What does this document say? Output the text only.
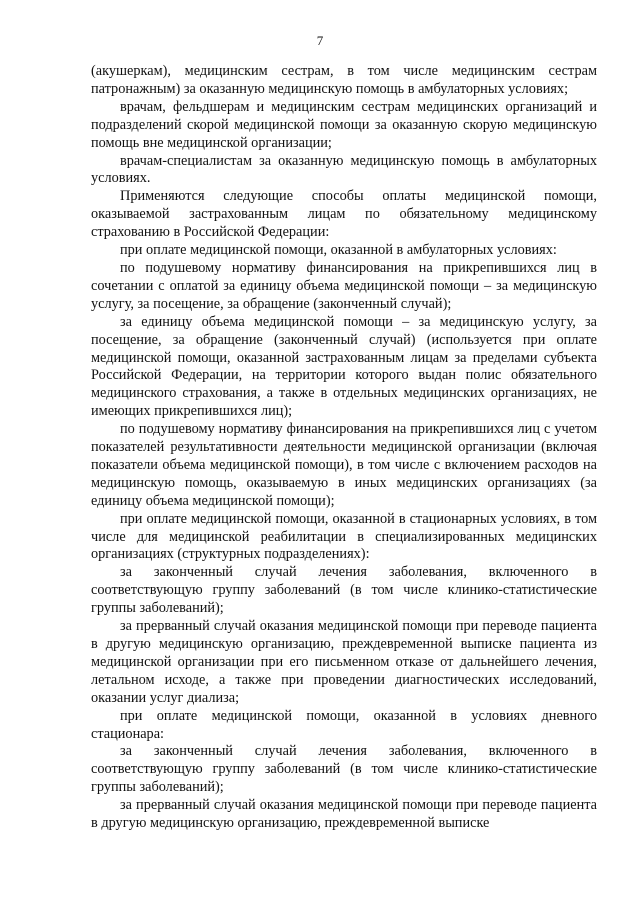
7

(акушеркам), медицинским сестрам, в том числе медицинским сестрам патронажным) за оказанную медицинскую помощь в амбулаторных условиях;

врачам, фельдшерам и медицинским сестрам медицинских организаций и подразделений скорой медицинской помощи за оказанную скорую медицинскую помощь вне медицинской организации;

врачам-специалистам за оказанную медицинскую помощь в амбулаторных условиях.

Применяются следующие способы оплаты медицинской помощи, оказываемой застрахованным лицам по обязательному медицинскому страхованию в Российской Федерации:

при оплате медицинской помощи, оказанной в амбулаторных условиях:

по подушевому нормативу финансирования на прикрепившихся лиц в сочетании с оплатой за единицу объема медицинской помощи – за медицинскую услугу, за посещение, за обращение (законченный случай);

за единицу объема медицинской помощи – за медицинскую услугу, за посещение, за обращение (законченный случай) (используется при оплате медицинской помощи, оказанной застрахованным лицам за пределами субъекта Российской Федерации, на территории которого выдан полис обязательного медицинского страхования, а также в отдельных медицинских организациях, не имеющих прикрепившихся лиц);

по подушевому нормативу финансирования на прикрепившихся лиц с учетом показателей результативности деятельности медицинской организации (включая показатели объема медицинской помощи), в том числе с включением расходов на медицинскую помощь, оказываемую в иных медицинских организациях (за единицу объема медицинской помощи);

при оплате медицинской помощи, оказанной в стационарных условиях, в том числе для медицинской реабилитации в специализированных медицинских организациях (структурных подразделениях):

за законченный случай лечения заболевания, включенного в соответствующую группу заболеваний (в том числе клинико-статистические группы заболеваний);

за прерванный случай оказания медицинской помощи при переводе пациента в другую медицинскую организацию, преждевременной выписке пациента из медицинской организации при его письменном отказе от дальнейшего лечения, летальном исходе, а также при проведении диагностических исследований, оказании услуг диализа;

при оплате медицинской помощи, оказанной в условиях дневного стационара:

за законченный случай лечения заболевания, включенного в соответствующую группу заболеваний (в том числе клинико-статистические группы заболеваний);

за прерванный случай оказания медицинской помощи при переводе пациента в другую медицинскую организацию, преждевременной выписке
